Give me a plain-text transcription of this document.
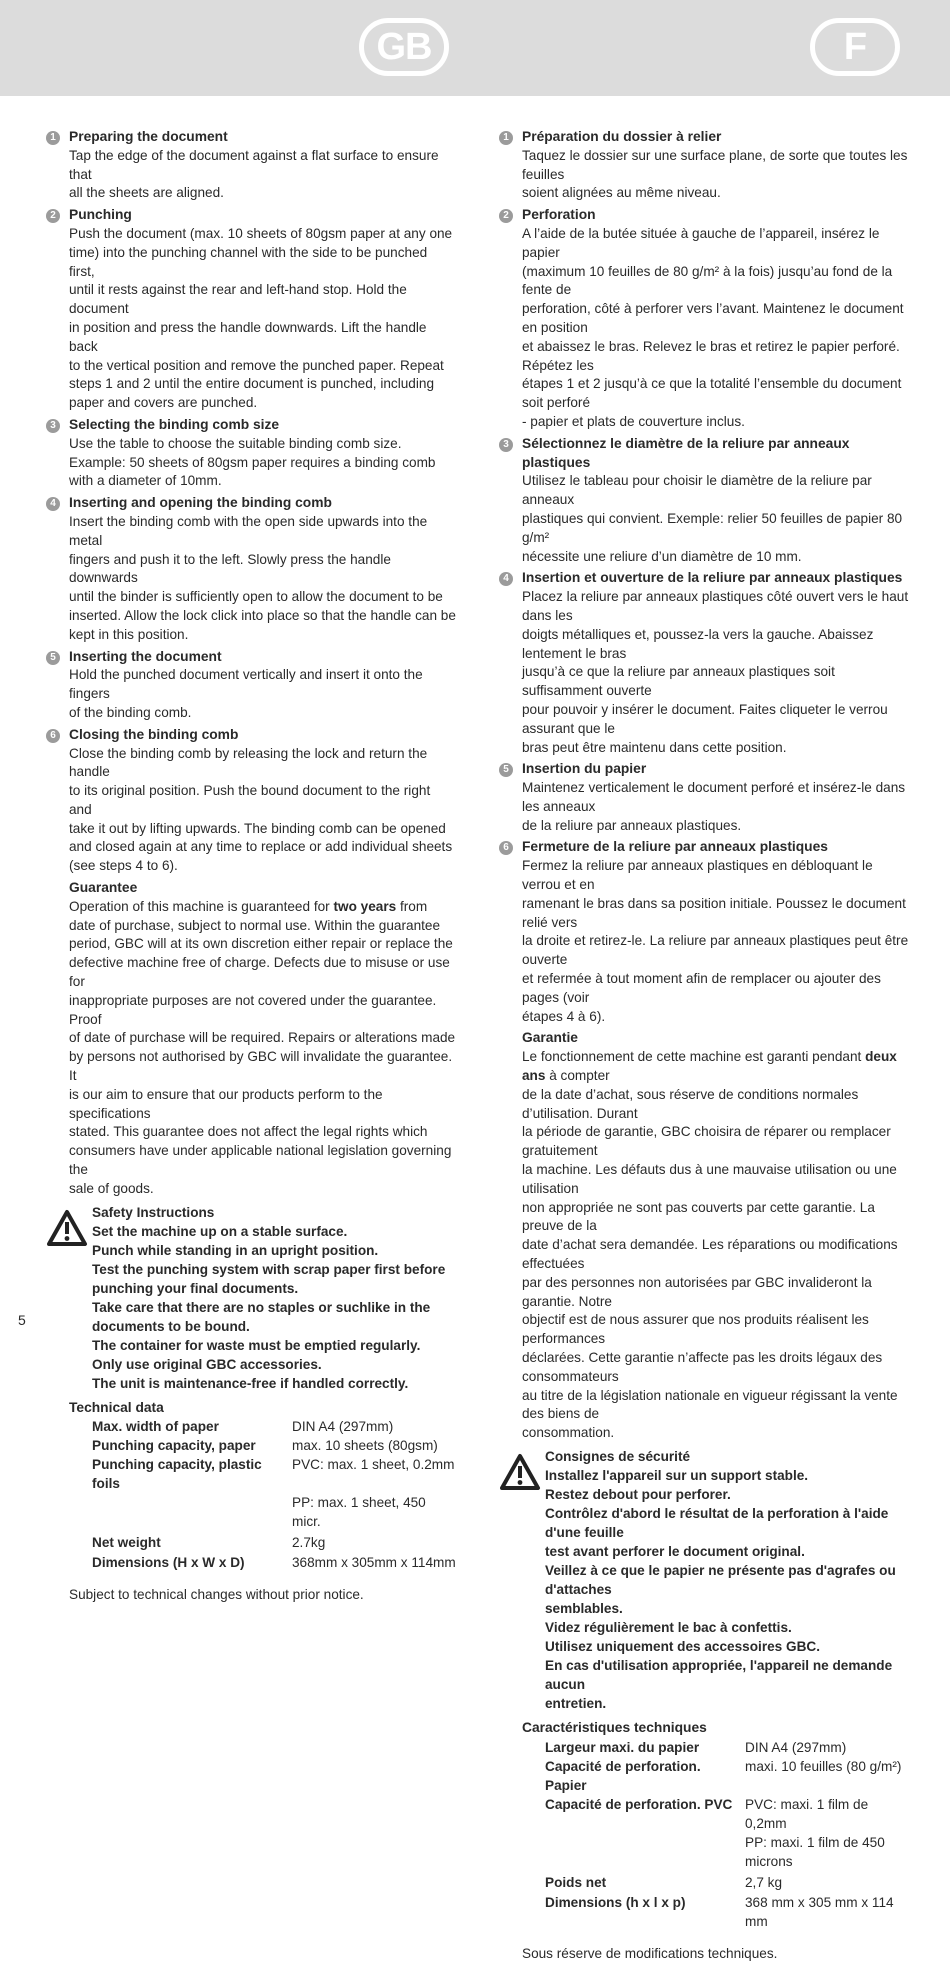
GB	F
1 Preparing the document

Tap the edge of the document against a flat surface to ensure that
all the sheets are aligned.

2 Punching

Push the document (max. 10 sheets of 80gsm paper at any one
time) into the punching channel with the side to be punched first,
until it rests against the rear and left-hand stop. Hold the document
in position and press the handle downwards. Lift the handle back
to the vertical position and remove the punched paper. Repeat
steps 1 and 2 until the entire document is punched, including
paper and covers are punched.

3 Selecting the binding comb size

Use the table to choose the suitable binding comb size.
Example: 50 sheets of 80gsm paper requires a binding comb
with a diameter of 10mm.

4 Inserting and opening the binding comb

Insert the binding comb with the open side upwards into the metal
fingers and push it to the left. Slowly press the handle downwards
until the binder is sufficiently open to allow the document to be
inserted. Allow the lock click into place so that the handle can be
kept in this position.

5 Inserting the document

Hold the punched document vertically and insert it onto the fingers
of the binding comb.

6 Closing the binding comb

Close the binding comb by releasing the lock and return the handle
to its original position. Push the bound document to the right and
take it out by lifting upwards. The binding comb can be opened
and closed again at any time to replace or add individual sheets
(see steps 4 to 6).

Guarantee

Operation of this machine is guaranteed for two years from
date of purchase, subject to normal use. Within the guarantee
period, GBC will at its own discretion either repair or replace the
defective machine free of charge. Defects due to misuse or use for
inappropriate purposes are not covered under the guarantee. Proof
of date of purchase will be required. Repairs or alterations made
by persons not authorised by GBC will invalidate the guarantee. It
is our aim to ensure that our products perform to the specifications
stated. This guarantee does not affect the legal rights which
consumers have under applicable national legislation governing the
sale of goods.

Safety Instructions
Set the machine up on a stable surface.
Punch while standing in an upright position.
Test the punching system with scrap paper first before
punching your final documents.
Take care that there are no staples or suchlike in the
documents to be bound.
The container for waste must be emptied regularly.
Only use original GBC accessories.
The unit is maintenance-free if handled correctly.
Technical data
Max. width of paper	DIN A4 (297mm)
Punching capacity, paper	max. 10 sheets (80gsm)
Punching capacity, plastic foils	PVC: max. 1 sheet, 0.2mm
	PP: max. 1 sheet, 450 micr.
Net weight	2.7kg
Dimensions (H x W x D)	368mm x 305mm x 114mm
Subject to technical changes without prior notice.
1 Préparation du dossier à relier

Taquez le dossier sur une surface plane, de sorte que toutes les feuilles
soient alignées au même niveau.

2 Perforation

A l’aide de la butée située à gauche de l’appareil, insérez le papier
(maximum 10 feuilles de 80 g/m² à la fois) jusqu’au fond de la fente de
perforation, côté à perforer vers l’avant. Maintenez le document en position
et abaissez le bras. Relevez le bras et retirez le papier perforé. Répétez les
étapes 1 et 2 jusqu’à ce que la totalité l’ensemble du document soit perforé
- papier et plats de couverture inclus.

3 Sélectionnez le diamètre de la reliure par anneaux plastiques

Utilisez le tableau pour choisir le diamètre de la reliure par anneaux
plastiques qui convient. Exemple: relier 50 feuilles de papier 80 g/m²
nécessite une reliure d’un diamètre de 10 mm.

4 Insertion et ouverture de la reliure par anneaux plastiques

Placez la reliure par anneaux plastiques côté ouvert vers le haut dans les
doigts métalliques et, poussez-la vers la gauche. Abaissez lentement le bras
jusqu’à ce que la reliure par anneaux plastiques soit suffisamment ouverte
pour pouvoir y insérer le document. Faites cliqueter le verrou assurant que le
bras peut être maintenu dans cette position.

5 Insertion du papier

Maintenez verticalement le document perforé et insérez-le dans les anneaux
de la reliure par anneaux plastiques.

6 Fermeture de la reliure par anneaux plastiques

Fermez la reliure par anneaux plastiques en débloquant le verrou et en
ramenant le bras dans sa position initiale. Poussez le document relié vers
la droite et retirez-le. La reliure par anneaux plastiques peut être ouverte
et refermée à tout moment afin de remplacer ou ajouter des pages (voir
étapes 4 à 6).

Garantie

Le fonctionnement de cette machine est garanti pendant deux ans à compter
de la date d’achat, sous réserve de conditions normales d’utilisation. Durant
la période de garantie, GBC choisira de réparer ou remplacer gratuitement
la machine. Les défauts dus à une mauvaise utilisation ou une utilisation
non appropriée ne sont pas couverts par cette garantie. La preuve de la
date d’achat sera demandée. Les réparations ou modifications effectuées
par des personnes non autorisées par GBC invalideront la garantie. Notre
objectif est de nous assurer que nos produits réalisent les performances
déclarées. Cette garantie n’affecte pas les droits légaux des consommateurs
au titre de la législation nationale en vigueur régissant la vente des biens de
consommation.

Consignes de sécurité
Installez l'appareil sur un support stable.
Restez debout pour perforer.
Contrôlez d'abord le résultat de la perforation à l'aide d'une feuille
test avant perforer le document original.
Veillez à ce que le papier ne présente pas d'agrafes ou d'attaches
semblables.
Videz régulièrement le bac à confettis.
Utilisez uniquement des accessoires GBC.
En cas d'utilisation appropriée, l'appareil ne demande aucun
entretien.
Caractéristiques techniques
Largeur maxi. du papier	DIN A4 (297mm)
Capacité de perforation. Papier	maxi. 10 feuilles (80 g/m²)
Capacité de perforation. PVC	PVC: maxi. 1 film de 0,2mm
	PP: maxi. 1 film de 450 microns
Poids net	2,7 kg
Dimensions (h x l x p)	368 mm x 305 mm x 114 mm
Sous réserve de modifications techniques.
5
